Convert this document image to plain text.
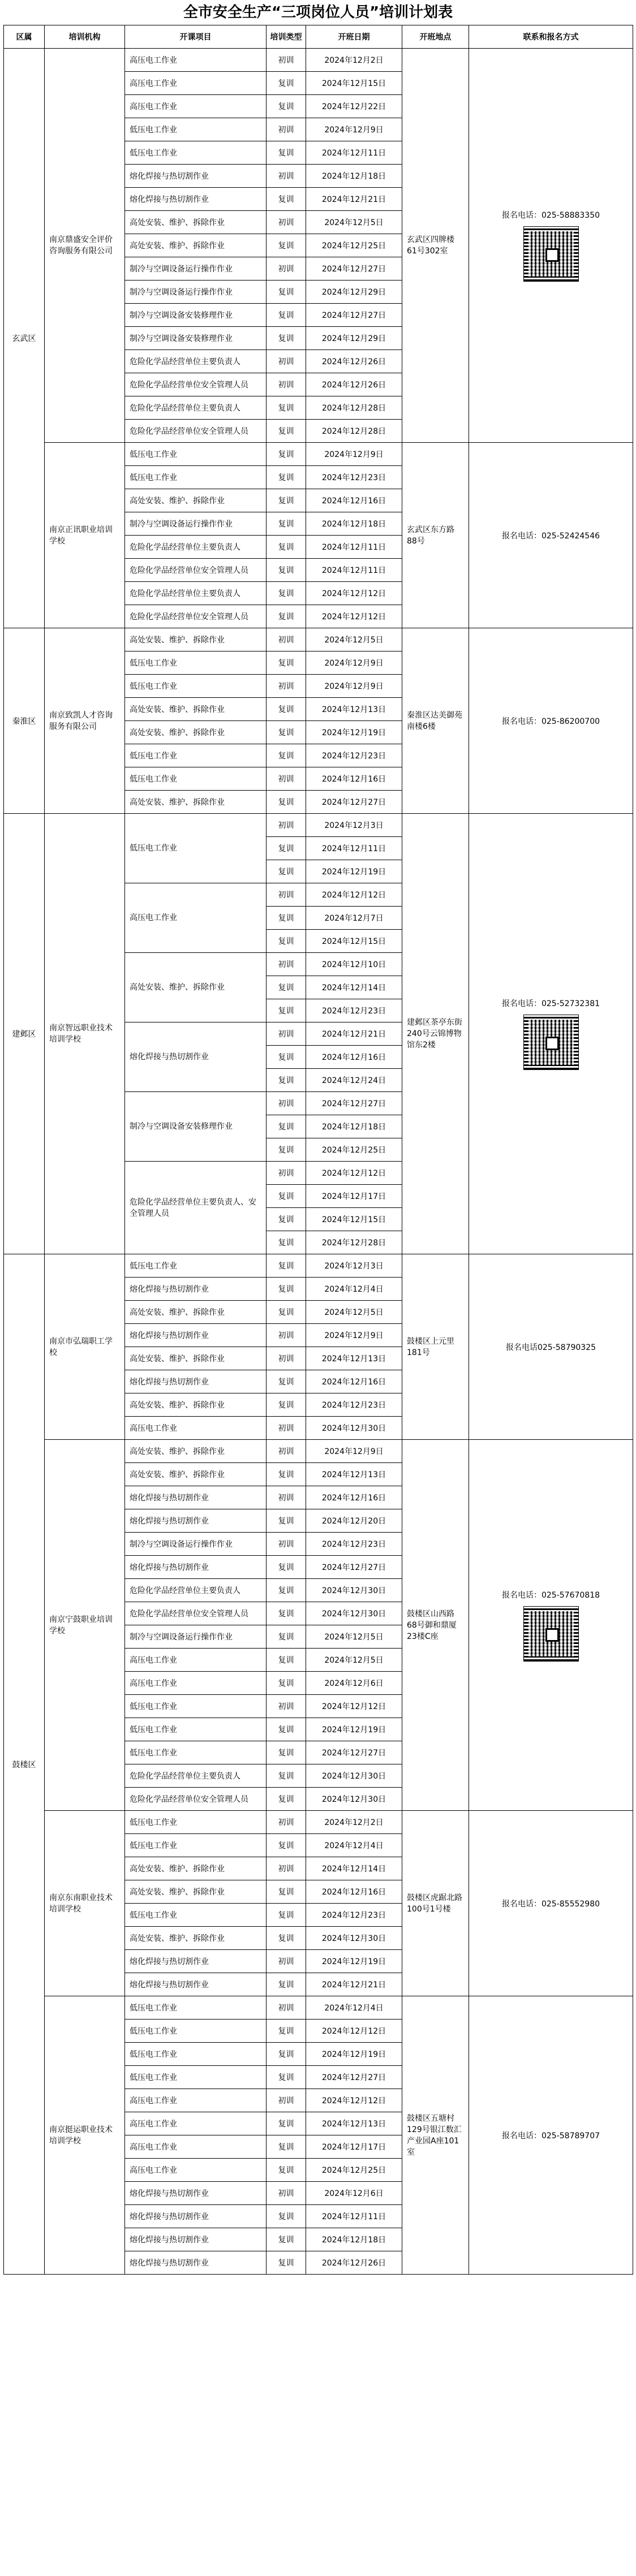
全市安全生产“三项岗位人员”培训计划表
区属	培训机构	开课项目	培训类型	开班日期	开班地点	联系和报名方式
玄武区	南京鼎盛安全评价咨询服务有限公司	高压电工作业	初训	2024年12月2日	玄武区四牌楼61号302室	报名电话：025-58883350

		高压电工作业	复训	2024年12月15日		
		高压电工作业	复训	2024年12月22日		
		低压电工作业	初训	2024年12月9日		
		低压电工作业	复训	2024年12月11日		
		熔化焊接与热切割作业	初训	2024年12月18日		
		熔化焊接与热切割作业	复训	2024年12月21日		
		高处安装、维护、拆除作业	初训	2024年12月5日		
		高处安装、维护、拆除作业	复训	2024年12月25日		
		制冷与空调设备运行操作作业	初训	2024年12月27日		
		制冷与空调设备运行操作作业	复训	2024年12月29日		
		制冷与空调设备安装修理作业	复训	2024年12月27日		
		制冷与空调设备安装修理作业	复训	2024年12月29日		
		危险化学品经营单位主要负责人	初训	2024年12月26日		
		危险化学品经营单位安全管理人员	初训	2024年12月26日		
		危险化学品经营单位主要负责人	复训	2024年12月28日		
		危险化学品经营单位安全管理人员	复训	2024年12月28日		
	南京正讯职业培训学校	低压电工作业	复训	2024年12月9日	玄武区东方路88号	报名电话：025-52424546
		低压电工作业	复训	2024年12月23日		
		高处安装、维护、拆除作业	复训	2024年12月16日		
		制冷与空调设备运行操作作业	复训	2024年12月18日		
		危险化学品经营单位主要负责人	复训	2024年12月11日		
		危险化学品经营单位安全管理人员	复训	2024年12月11日		
		危险化学品经营单位主要负责人	复训	2024年12月12日		
		危险化学品经营单位安全管理人员	复训	2024年12月12日		
秦淮区	南京致凯人才咨询服务有限公司	高处安装、维护、拆除作业	初训	2024年12月5日	秦淮区达美御苑南楼6楼	报名电话：025-86200700
		低压电工作业	复训	2024年12月9日		
		低压电工作业	初训	2024年12月9日		
		高处安装、维护、拆除作业	复训	2024年12月13日		
		高处安装、维护、拆除作业	复训	2024年12月19日		
		低压电工作业	复训	2024年12月23日		
		低压电工作业	初训	2024年12月16日		
		高处安装、维护、拆除作业	复训	2024年12月27日		
建邺区	南京智远职业技术培训学校	低压电工作业	初训	2024年12月3日	建邺区茶亭东街240号云锦博物馆东2楼	报名电话：025-52732381

			复训	2024年12月11日		
			复训	2024年12月19日		
		高压电工作业	初训	2024年12月12日		
			复训	2024年12月7日		
			复训	2024年12月15日		
		高处安装、维护、拆除作业	初训	2024年12月10日		
			复训	2024年12月14日		
			复训	2024年12月23日		
		熔化焊接与热切割作业	初训	2024年12月21日		
			复训	2024年12月16日		
			复训	2024年12月24日		
		制冷与空调设备安装修理作业	初训	2024年12月27日		
			复训	2024年12月18日		
			复训	2024年12月25日		
		危险化学品经营单位主要负责人、安全管理人员	初训	2024年12月12日		
			复训	2024年12月17日		
			复训	2024年12月15日		
			复训	2024年12月28日		
鼓楼区	南京市弘瑞职工学校	低压电工作业	复训	2024年12月3日	鼓楼区上元里181号	报名电话025-58790325
		熔化焊接与热切割作业	复训	2024年12月4日		
		高处安装、维护、拆除作业	复训	2024年12月5日		
		熔化焊接与热切割作业	初训	2024年12月9日		
		高处安装、维护、拆除作业	初训	2024年12月13日		
		熔化焊接与热切割作业	复训	2024年12月16日		
		高处安装、维护、拆除作业	复训	2024年12月23日		
		高压电工作业	初训	2024年12月30日		
	南京宁鼓职业培训学校	高处安装、维护、拆除作业	初训	2024年12月9日	鼓楼区山西路68号御和鼎厦23楼C座	报名电话：025-57670818

		高处安装、维护、拆除作业	复训	2024年12月13日		
		熔化焊接与热切割作业	初训	2024年12月16日		
		熔化焊接与热切割作业	复训	2024年12月20日		
		制冷与空调设备运行操作作业	初训	2024年12月23日		
		熔化焊接与热切割作业	复训	2024年12月27日		
		危险化学品经营单位主要负责人	复训	2024年12月30日		
		危险化学品经营单位安全管理人员	复训	2024年12月30日		
		制冷与空调设备运行操作作业	复训	2024年12月5日		
		高压电工作业	复训	2024年12月5日		
		高压电工作业	复训	2024年12月6日		
		低压电工作业	初训	2024年12月12日		
		低压电工作业	复训	2024年12月19日		
		低压电工作业	复训	2024年12月27日		
		危险化学品经营单位主要负责人	复训	2024年12月30日		
		危险化学品经营单位安全管理人员	复训	2024年12月30日		
	南京东南职业技术培训学校	低压电工作业	初训	2024年12月2日	鼓楼区虎踞北路100号1号楼	报名电话：025-85552980
		低压电工作业	复训	2024年12月4日		
		高处安装、维护、拆除作业	初训	2024年12月14日		
		高处安装、维护、拆除作业	复训	2024年12月16日		
		低压电工作业	复训	2024年12月23日		
		高处安装、维护、拆除作业	复训	2024年12月30日		
		熔化焊接与热切割作业	初训	2024年12月19日		
		熔化焊接与热切割作业	复训	2024年12月21日		
	南京挺运职业技术培训学校	低压电工作业	初训	2024年12月4日	鼓楼区五塘村129号银江数汇产业园A座101室	报名电话：025-58789707
		低压电工作业	复训	2024年12月12日		
		低压电工作业	复训	2024年12月19日		
		低压电工作业	复训	2024年12月27日		
		高压电工作业	初训	2024年12月12日		
		高压电工作业	复训	2024年12月13日		
		高压电工作业	复训	2024年12月17日		
		高压电工作业	复训	2024年12月25日		
		熔化焊接与热切割作业	初训	2024年12月6日		
		熔化焊接与热切割作业	复训	2024年12月11日		
		熔化焊接与热切割作业	复训	2024年12月18日		
		熔化焊接与热切割作业	复训	2024年12月26日		
